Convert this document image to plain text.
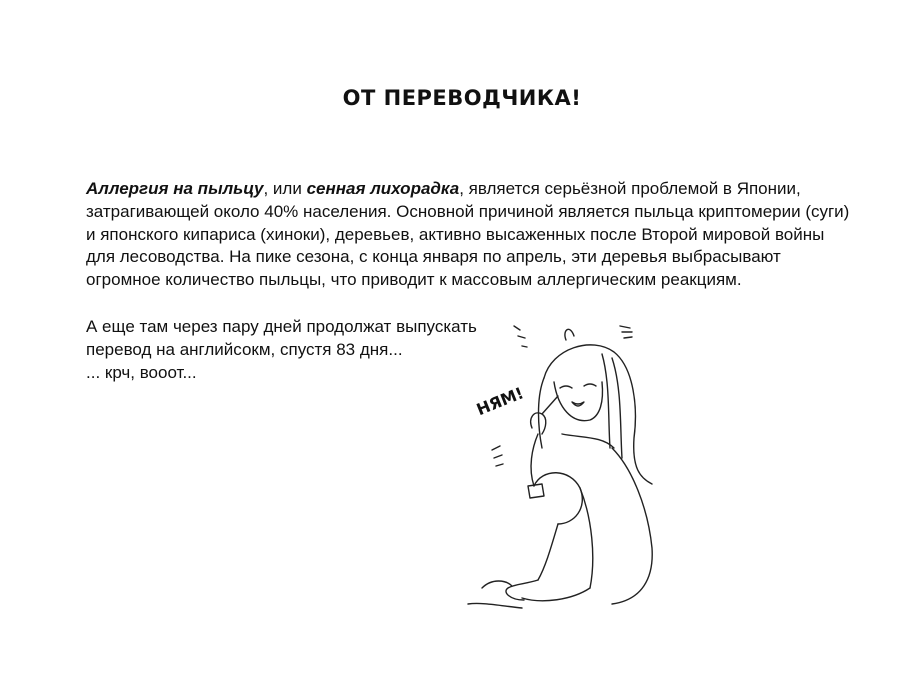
ОТ ПЕРЕВОДЧИКА!

Аллергия на пыльцу, или сенная лихорадка, является серьёзной проблемой в Японии, затрагивающей около 40% населения. Основной причиной является пыльца криптомерии (суги) и японского кипариса (хиноки), деревьев, активно высаженных после Второй мировой войны для лесоводства. На пике сезона, с конца января по апрель, эти деревья выбрасывают огромное количество пыльцы, что приводит к массовым аллергическим реакциям.

А еще там через пару дней продолжат выпускать
перевод на английсокм, спустя 83 дня...
... крч, вооот...

НЯМ!
